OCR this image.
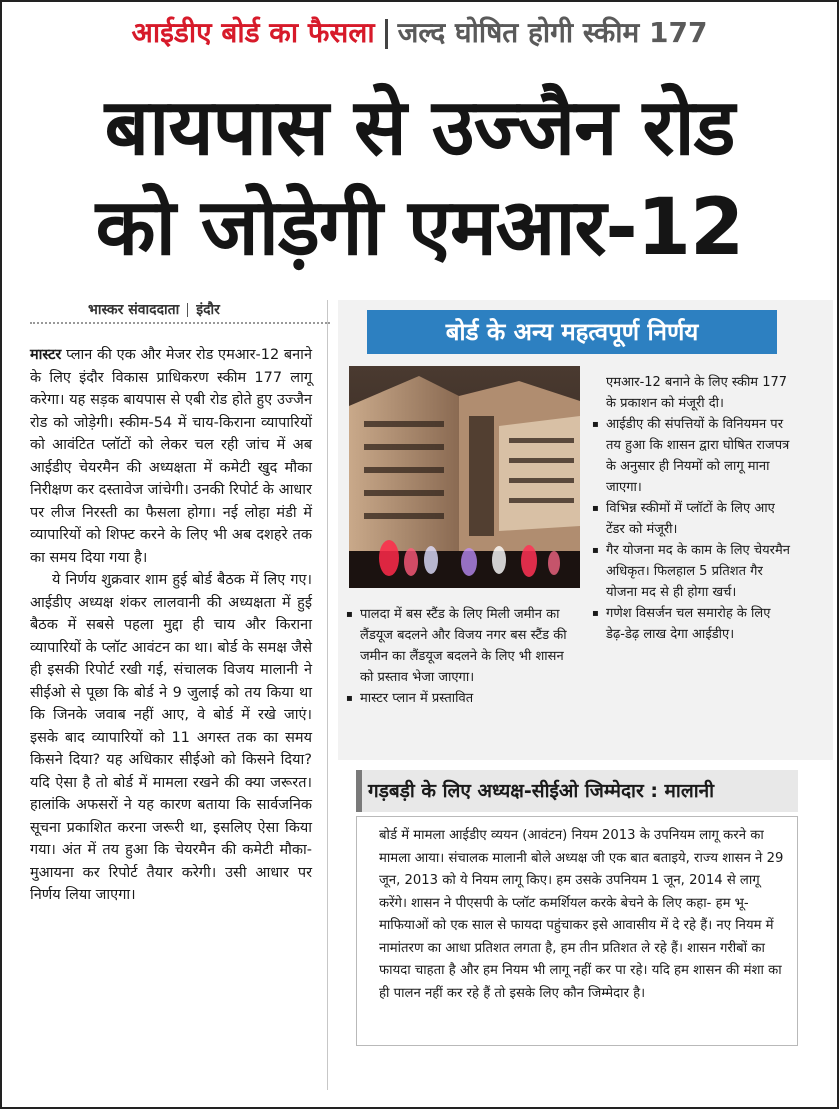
आईडीए बोर्ड का फैसला जल्द घोषित होगी स्कीम 177
बायपास से उज्जैन रोड
को जोड़ेगी एमआर-12
भास्कर संवाददाता इंदौर

मास्टर प्लान की एक और मेजर रोड एमआर-12 बनाने के लिए इंदौर विकास प्राधिकरण स्कीम 177 लागू करेगा। यह सड़क बायपास से एबी रोड होते हुए उज्जैन रोड को जोड़ेगी। स्कीम-54 में चाय-किराना व्यापारियों को आवंटित प्लॉटों को लेकर चल रही जांच में अब आईडीए चेयरमैन की अध्यक्षता में कमेटी खुद मौका निरीक्षण कर दस्तावेज जांचेगी। उनकी रिपोर्ट के आधार पर लीज निरस्ती का फैसला होगा। नई लोहा मंडी में व्यापारियों को शिफ्ट करने के लिए भी अब दशहरे तक का समय दिया गया है।

ये निर्णय शुक्रवार शाम हुई बोर्ड बैठक में लिए गए। आईडीए अध्यक्ष शंकर लालवानी की अध्यक्षता में हुई बैठक में सबसे पहला मुद्दा ही चाय और किराना व्यापारियों के प्लॉट आवंटन का था। बोर्ड के समक्ष जैसे ही इसकी रिपोर्ट रखी गई, संचालक विजय मालानी ने सीईओ से पूछा कि बोर्ड ने 9 जुलाई को तय किया था कि जिनके जवाब नहीं आए, वे बोर्ड में रखे जाएं। इसके बाद व्यापारियों को 11 अगस्त तक का समय किसने दिया? यह अधिकार सीईओ को किसने दिया? यदि ऐसा है तो बोर्ड में मामला रखने की क्या जरूरत। हालांकि अफसरों ने यह कारण बताया कि सार्वजनिक सूचना प्रकाशित करना जरूरी था, इसलिए ऐसा किया गया। अंत में तय हुआ कि चेयरमैन की कमेटी मौका-मुआयना कर रिपोर्ट तैयार करेगी। उसी आधार पर निर्णय लिया जाएगा।

बोर्ड के अन्य महत्वपूर्ण निर्णय
एमआर-12 बनाने के लिए स्कीम 177 के प्रकाशन को मंजूरी दी।
▪ आईडीए की संपत्तियों के विनियमन पर तय हुआ कि शासन द्वारा घोषित राजपत्र के अनुसार ही नियमों को लागू माना जाएगा।
▪ विभिन्न स्कीमों में प्लॉटों के लिए आए टेंडर को मंजूरी।
▪ गैर योजना मद के काम के लिए चेयरमैन अधिकृत। फिलहाल 5 प्रतिशत गैर योजना मद से ही होगा खर्च।
▪ गणेश विसर्जन चल समारोह के लिए डेढ़-डेढ़ लाख देगा आईडीए।
▪ पालदा में बस स्टैंड के लिए मिली जमीन का लैंडयूज बदलने और विजय नगर बस स्टैंड की जमीन का लैंडयूज बदलने के लिए भी शासन को प्रस्ताव भेजा जाएगा।
▪ मास्टर प्लान में प्रस्तावित
गड़बड़ी के लिए अध्यक्ष-सीईओ जिम्मेदार : मालानी

बोर्ड में मामला आईडीए व्ययन (आवंटन) नियम 2013 के उपनियम लागू करने का मामला आया। संचालक मालानी बोले अध्यक्ष जी एक बात बताइये, राज्य शासन ने 29 जून, 2013 को ये नियम लागू किए। हम उसके उपनियम 1 जून, 2014 से लागू करेंगे। शासन ने पीएसपी के प्लॉट कमर्शियल करके बेचने के लिए कहा- हम भू-माफियाओं को एक साल से फायदा पहुंचाकर इसे आवासीय में दे रहे हैं। नए नियम में नामांतरण का आधा प्रतिशत लगता है, हम तीन प्रतिशत ले रहे हैं। शासन गरीबों का फायदा चाहता है और हम नियम भी लागू नहीं कर पा रहे। यदि हम शासन की मंशा का ही पालन नहीं कर रहे हैं तो इसके लिए कौन जिम्मेदार है।
